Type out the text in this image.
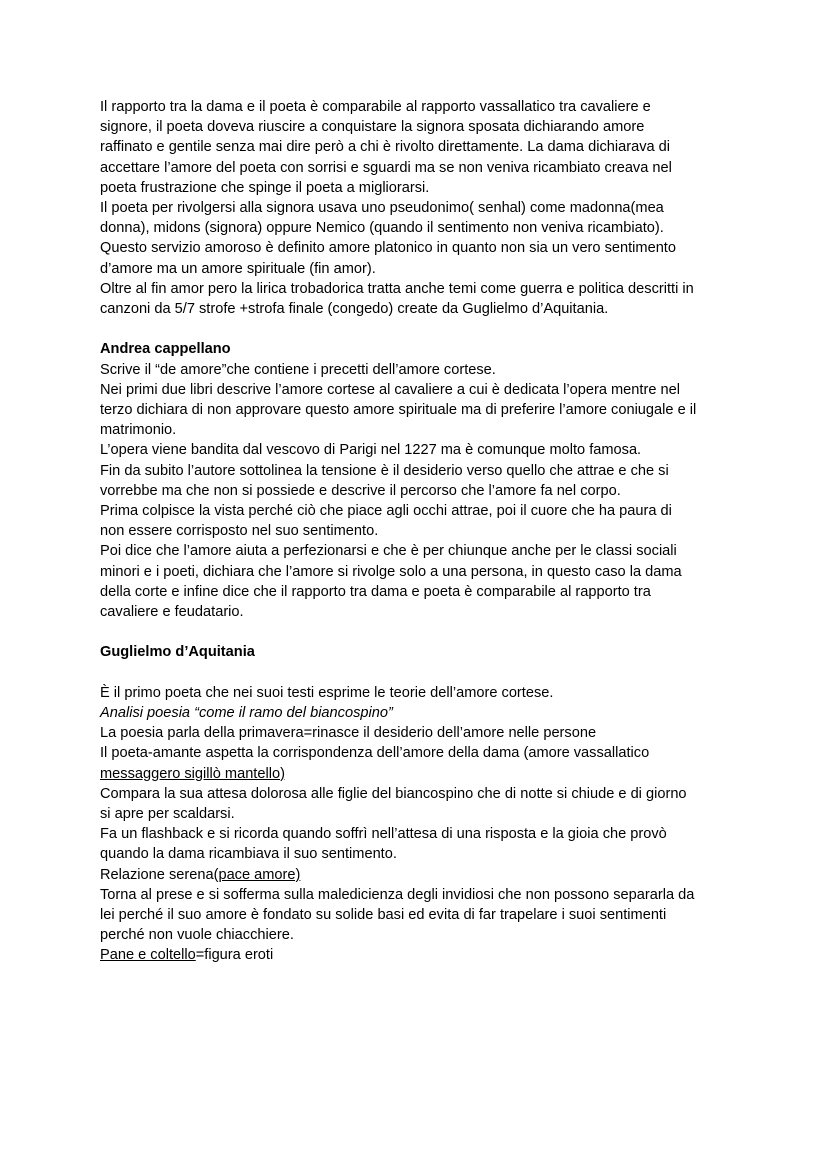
Il rapporto tra la dama e il poeta è comparabile al rapporto vassallatico tra cavaliere e
signore, il poeta doveva riuscire a conquistare la signora sposata dichiarando amore
raffinato e gentile senza mai dire però a chi è rivolto direttamente. La dama dichiarava di
accettare l’amore del poeta con sorrisi e sguardi ma se non veniva ricambiato creava nel
poeta frustrazione che spinge il poeta a migliorarsi.
Il poeta per rivolgersi alla signora usava uno pseudonimo( senhal) come madonna(mea
donna), midons (signora) oppure Nemico (quando il sentimento non veniva ricambiato).
Questo servizio amoroso è definito amore platonico in quanto non sia un vero sentimento
d’amore ma un amore spirituale (fin amor).
Oltre al fin amor pero la lirica trobadorica tratta anche temi come guerra e politica descritti in
canzoni da 5/7 strofe +strofa finale (congedo) create da Guglielmo d’Aquitania.
Andrea cappellano
Scrive il “de amore”che contiene i precetti dell’amore cortese.
Nei primi due libri descrive l’amore cortese al cavaliere a cui è dedicata l’opera mentre nel
terzo dichiara di non approvare questo amore spirituale ma di preferire l’amore coniugale e il
matrimonio.
L’opera viene bandita dal vescovo di Parigi nel 1227 ma è comunque molto famosa.
Fin da subito l’autore sottolinea la tensione è il desiderio verso quello che attrae e che si
vorrebbe ma che non si possiede e descrive il percorso che l’amore fa nel corpo.
Prima colpisce la vista perché ciò che piace agli occhi attrae, poi il cuore che ha paura di
non essere corrisposto nel suo sentimento.
Poi dice che l’amore aiuta a perfezionarsi e che è per chiunque anche per le classi sociali
minori e i poeti, dichiara che l’amore si rivolge solo a una persona, in questo caso la dama
della corte e infine dice che il rapporto tra dama e poeta è comparabile al rapporto tra
cavaliere e feudatario.
Guglielmo d’Aquitania
È il primo poeta che nei suoi testi esprime le teorie dell’amore cortese.
Analisi poesia “come il ramo del biancospino”
La poesia parla della primavera=rinasce il desiderio dell’amore nelle persone
Il poeta-amante aspetta la corrispondenza dell’amore della dama (amore vassallatico
messaggero sigillò mantello)
Compara la sua attesa dolorosa alle figlie del biancospino che di notte si chiude e di giorno
si apre per scaldarsi.
Fa un flashback e si ricorda quando soffrì nell’attesa di una risposta e la gioia che provò
quando la dama ricambiava il suo sentimento.
Relazione serena(pace amore)
Torna al prese e si sofferma sulla maledicienza degli invidiosi che non possono separarla da
lei perché il suo amore è fondato su solide basi ed evita di far trapelare i suoi sentimenti
perché non vuole chiacchiere.
Pane e coltello=figura eroti
